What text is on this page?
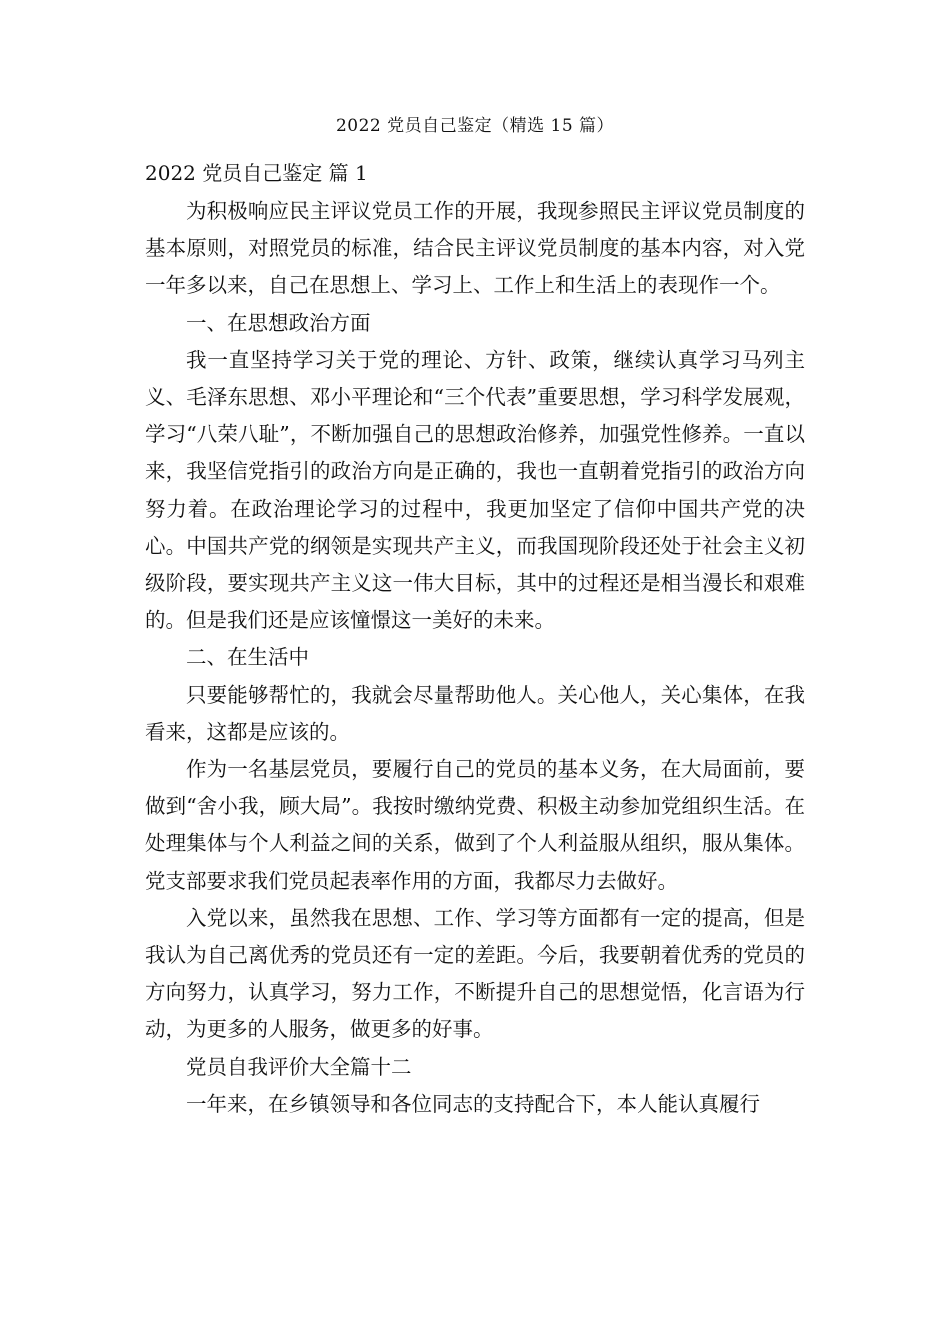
2022 党员自己鉴定（精选 15 篇）
2022 党员自己鉴定 篇 1

为积极响应民主评议党员工作的开展，我现参照民主评议党员制度的基本原则，对照党员的标准，结合民主评议党员制度的基本内容，对入党一年多以来，自己在思想上、学习上、工作上和生活上的表现作一个。

一、在思想政治方面

我一直坚持学习关于党的理论、方针、政策，继续认真学习马列主义、毛泽东思想、邓小平理论和“三个代表”重要思想，学习科学发展观，学习“八荣八耻”，不断加强自己的思想政治修养，加强党性修养。一直以来，我坚信党指引的政治方向是正确的，我也一直朝着党指引的政治方向努力着。在政治理论学习的过程中，我更加坚定了信仰中国共产党的决心。中国共产党的纲领是实现共产主义，而我国现阶段还处于社会主义初级阶段，要实现共产主义这一伟大目标，其中的过程还是相当漫长和艰难的。但是我们还是应该憧憬这一美好的未来。

二、在生活中

只要能够帮忙的，我就会尽量帮助他人。关心他人，关心集体，在我看来，这都是应该的。

作为一名基层党员，要履行自己的党员的基本义务，在大局面前，要做到“舍小我，顾大局”。我按时缴纳党费、积极主动参加党组织生活。在处理集体与个人利益之间的关系，做到了个人利益服从组织，服从集体。党支部要求我们党员起表率作用的方面，我都尽力去做好。

入党以来，虽然我在思想、工作、学习等方面都有一定的提高，但是我认为自己离优秀的党员还有一定的差距。今后，我要朝着优秀的党员的方向努力，认真学习，努力工作，不断提升自己的思想觉悟，化言语为行动，为更多的人服务，做更多的好事。

党员自我评价大全篇十二

一年来，在乡镇领导和各位同志的支持配合下，本人能认真履行
